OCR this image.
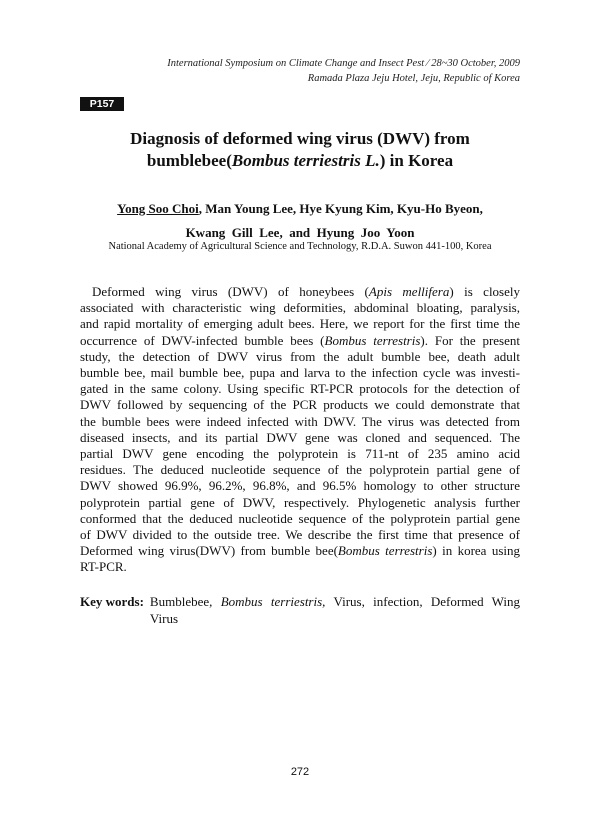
International Symposium on Climate Change and Insect Pest ∕ 28~30 October, 2009
Ramada Plaza Jeju Hotel, Jeju, Republic of Korea
P157
Diagnosis of deformed wing virus (DWV) from
bumblebee(Bombus terriestris L.) in Korea
Yong Soo Choi, Man Young Lee, Hye Kyung Kim, Kyu-Ho Byeon,
Kwang  Gill  Lee,  and  Hyung  Joo  Yoon
National Academy of Agricultural Science and Technology, R.D.A. Suwon 441-100, Korea
Deformed wing virus (DWV) of honeybees (Apis mellifera) is closely
associated with characteristic wing deformities, abdominal bloating, paralysis,
and rapid mortality of emerging adult bees. Here, we report for the first time the
occurrence of DWV-infected bumble bees (Bombus terrestris). For the present
study, the detection of DWV virus from the adult bumble bee, death adult
bumble bee, mail bumble bee, pupa and larva to the infection cycle was investi-
gated in the same colony. Using specific RT-PCR protocols for the detection of
DWV followed by sequencing of the PCR products we could demonstrate that
the bumble bees were indeed infected with DWV. The virus was detected from
diseased insects, and its partial DWV gene was cloned and sequenced. The
partial DWV gene encoding the polyprotein is 711-nt of 235 amino acid
residues. The deduced nucleotide sequence of the polyprotein partial gene of
DWV showed 96.9%, 96.2%, 96.8%, and 96.5% homology to other structure
polyprotein partial gene of DWV, respectively. Phylogenetic analysis further
conformed that the deduced nucleotide sequence of the polyprotein partial gene
of DWV divided to the outside tree. We describe the first time that presence of
Deformed wing virus(DWV) from bumble bee(Bombus terrestris) in korea using
RT-PCR.
Key words: Bumblebee, Bombus terriestris, Virus, infection, Deformed Wing
Virus
272
